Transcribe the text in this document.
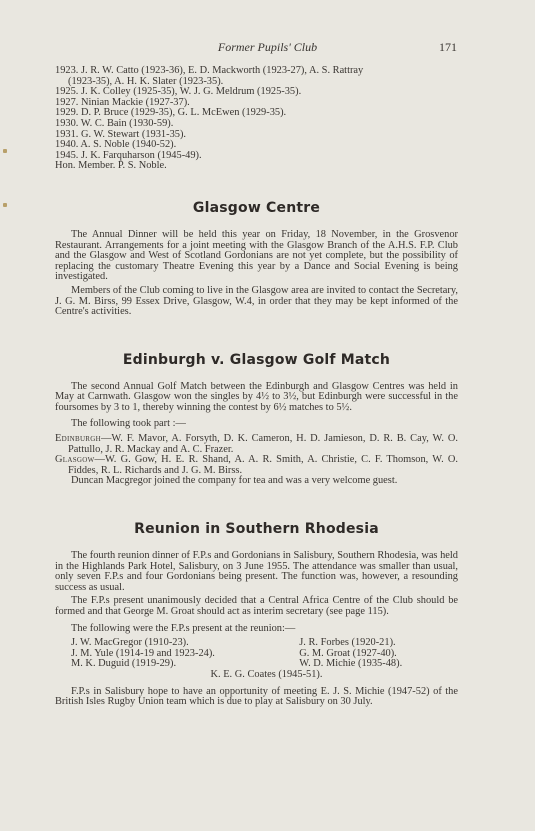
Former Pupils' Club	171
1923. J. R. W. Catto (1923-36), E. D. Mackworth (1923-27), A. S. Rattray
(1923-35), A. H. K. Slater (1923-35).
1925. J. K. Colley (1925-35), W. J. G. Meldrum (1925-35).
1927. Ninian Mackie (1927-37).
1929. D. P. Bruce (1929-35), G. L. McEwen (1929-35).
1930. W. C. Bain (1930-59).
1931. G. W. Stewart (1931-35).
1940. A. S. Noble (1940-52).
1945. J. K. Farquharson (1945-49).
Hon. Member. P. S. Noble.
Glasgow Centre
The Annual Dinner will be held this year on Friday, 18 November, in the Grosvenor Restaurant. Arrangements for a joint meeting with the Glasgow Branch of the A.H.S. F.P. Club and the Glasgow and West of Scotland Gordonians are not yet complete, but the possibility of replacing the customary Theatre Evening this year by a Dance and Social Evening is being investigated.
Members of the Club coming to live in the Glasgow area are invited to contact the Secretary, J. G. M. Birss, 99 Essex Drive, Glasgow, W.4, in order that they may be kept informed of the Centre's activities.
Edinburgh v. Glasgow Golf Match
The second Annual Golf Match between the Edinburgh and Glasgow Centres was held in May at Carnwath. Glasgow won the singles by 4½ to 3½, but Edinburgh were successful in the foursomes by 3 to 1, thereby winning the contest by 6½ matches to 5½.
The following took part :—
Edinburgh—W. F. Mavor, A. Forsyth, D. K. Cameron, H. D. Jamieson, D. R. B. Cay, W. O. Pattullo, J. R. Mackay and A. C. Frazer.
Glasgow—W. G. Gow, H. E. R. Shand, A. A. R. Smith, A. Christie, C. F. Thomson, W. O. Fiddes, R. L. Richards and J. G. M. Birss.
Duncan Macgregor joined the company for tea and was a very welcome guest.
Reunion in Southern Rhodesia
The fourth reunion dinner of F.P.s and Gordonians in Salisbury, Southern Rhodesia, was held in the Highlands Park Hotel, Salisbury, on 3 June 1955. The attendance was smaller than usual, only seven F.P.s and four Gordonians being present. The function was, however, a resounding success as usual.
The F.P.s present unanimously decided that a Central Africa Centre of the Club should be formed and that George M. Groat should act as interim secretary (see page 115).
The following were the F.P.s present at the reunion:—
J. W. MacGregor (1910-23).	J. R. Forbes (1920-21).
J. M. Yule (1914-19 and 1923-24).	G. M. Groat (1927-40).
M. K. Duguid (1919-29).	W. D. Michie (1935-48).
K. E. G. Coates (1945-51).
F.P.s in Salisbury hope to have an opportunity of meeting E. J. S. Michie (1947-52) of the British Isles Rugby Union team which is due to play at Salisbury on 30 July.
